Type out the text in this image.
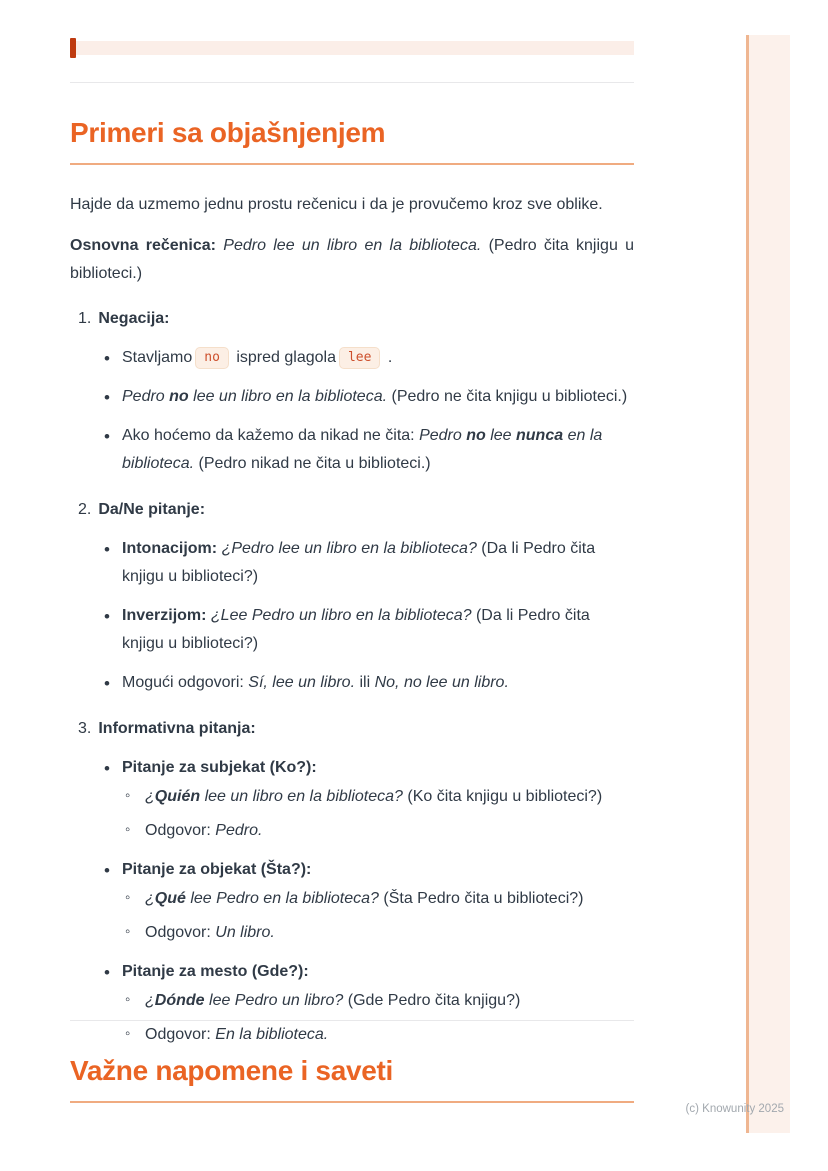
Primeri sa objašnjenjem

Hajde da uzmemo jednu prostu rečenicu i da je provučemo kroz sve oblike.

Osnovna rečenica: Pedro lee un libro en la biblioteca. (Pedro čita knjigu u biblioteci.)

1. Negacija:
• Stavljamo no ispred glagola lee .
• Pedro no lee un libro en la biblioteca. (Pedro ne čita knjigu u biblioteci.)
• Ako hoćemo da kažemo da nikad ne čita: Pedro no lee nunca en la biblioteca. (Pedro nikad ne čita u biblioteci.)
2. Da/Ne pitanje:
• Intonacijom: ¿Pedro lee un libro en la biblioteca? (Da li Pedro čita knjigu u biblioteci?)
• Inverzijom: ¿Lee Pedro un libro en la biblioteca? (Da li Pedro čita knjigu u biblioteci?)
• Mogući odgovori: Sí, lee un libro. ili No, no lee un libro.
3. Informativna pitanja:
• Pitanje za subjekat (Ko?):
◦ ¿Quién lee un libro en la biblioteca? (Ko čita knjigu u biblioteci?)
◦ Odgovor: Pedro.
• Pitanje za objekat (Šta?):
◦ ¿Qué lee Pedro en la biblioteca? (Šta Pedro čita u biblioteci?)
◦ Odgovor: Un libro.
• Pitanje za mesto (Gde?):
◦ ¿Dónde lee Pedro un libro? (Gde Pedro čita knjigu?)
◦ Odgovor: En la biblioteca.
Važne napomene i saveti
(c) Knowunity 2025
